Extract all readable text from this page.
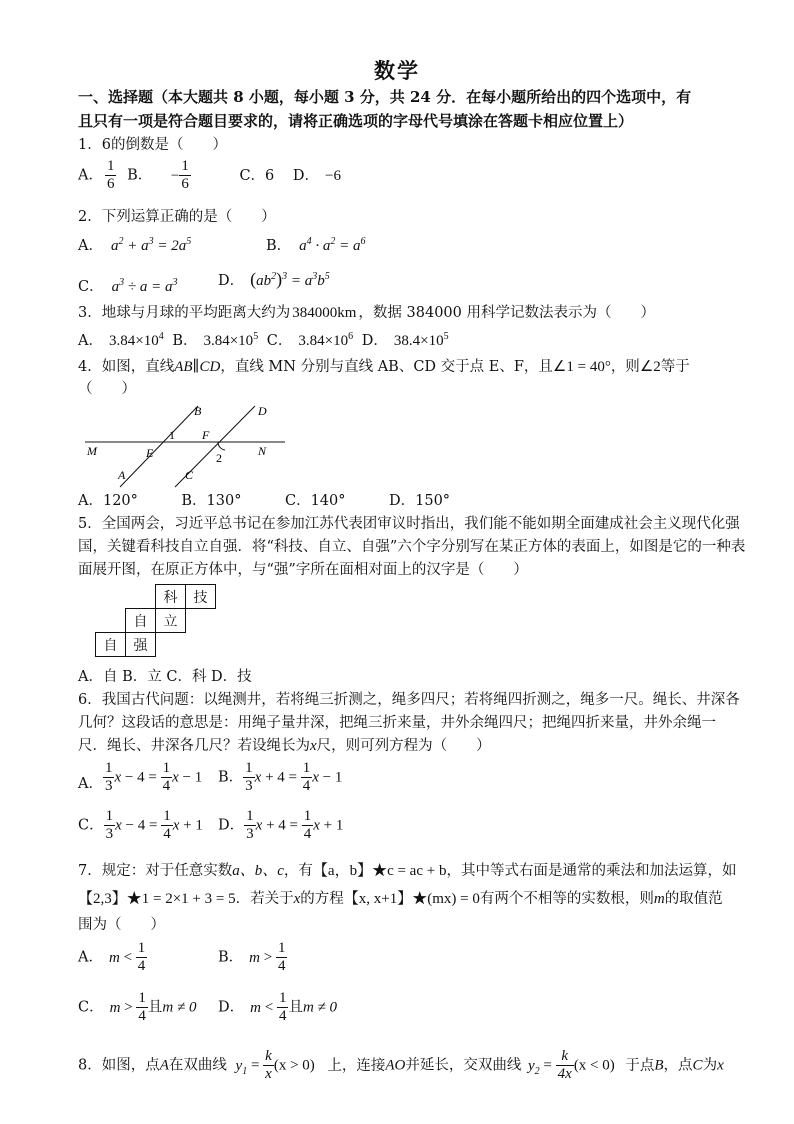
数学
一、选择题（本大题共 8 小题，每小题 3 分，共 24 分．在每小题所给出的四个选项中，有
且只有一项是符合题目要求的，请将正确选项的字母代号填涂在答题卡相应位置上）
1．6的倒数是（　　）
A． $\frac{1}{6}$ B． − $\frac{1}{6}$	C．6 D． −6
2．下列运算正确的是（　　）
A． $a^2 + a^3 = 2a^5$	B． $a^4 \cdot a^2 = a^6$
C． $a^3 \div a = a^3$	D． $(ab^2)^3 = a^3b^5$
3．地球与月球的平均距离大约为 384000km ，数据 384000 用科学记数法表示为（　　）
A． $3.84\times 10^4$ B． $3.84\times 10^5$ C． $3.84\times 10^6$ D． $38.4\times 10^5$
4．如图，直线AB∥CD，直线 MN 分别与直线 AB、CD 交于点 E、F，且∠1 = 40°，则∠2等于
（　　）
B	D
1 F
M	E	2	N
A	C
A．120°　　　B．130°　　　C．140°　　　D．150°
5．全国两会，习近平总书记在参加江苏代表团审议时指出，我们能不能如期全面建成社会主义现代化强
国，关键看科技自立自强．将“科技、自立、自强”六个字分别写在某正方体的表面上，如图是它的一种表
面展开图，在原正方体中，与“强”字所在面相对面上的汉字是（　　）
		科	技
	自	立	
自	强		
A．自 B．立 C．科 D．技
6．我国古代问题：以绳测井，若将绳三折测之，绳多四尺；若将绳四折测之，绳多一尺。绳长、井深各
几何？这段话的意思是：用绳子量井深，把绳三折来量，井外余绳四尺；把绳四折来量，井外余绳一
尺．绳长、井深各几尺？若设绳长为x尺，则可列方程为（　　）
A． $\frac{1}{3}$ $x - 4 = \frac{1}{4}$ x − 1 B． $\frac{1}{3}$ $x + 4 = \frac{1}{4}$ x − 1
C． $\frac{1}{3}$ $x - 4 = \frac{1}{4}$ x + 1 D． $\frac{1}{3}$ $x + 4 = \frac{1}{4}$ x + 1
7．规定：对于任意实数a、b、c，有【a，b】★c = ac + b，其中等式右面是通常的乘法和加法运算，如
【2,3】★1 = 2×1 + 3 = 5．若关于x的方程【x, x+1】★(mx) = 0有两个不相等的实数根，则m的取值范
围为（　　）
A． $m < \frac{1}{4}$	B． $m > \frac{1}{4}$
C． $m > \frac{1}{4}$ 且m ≠ 0 D． $m < \frac{1}{4}$ 且m ≠ 0
8．如图，点A在双曲线 $y_1 = \frac{k}{x} (x > 0)$ 上，连接AO并延长，交双曲线 $y_2 = \frac{k}{4x} (x < 0)$ 于点B，点C为x
